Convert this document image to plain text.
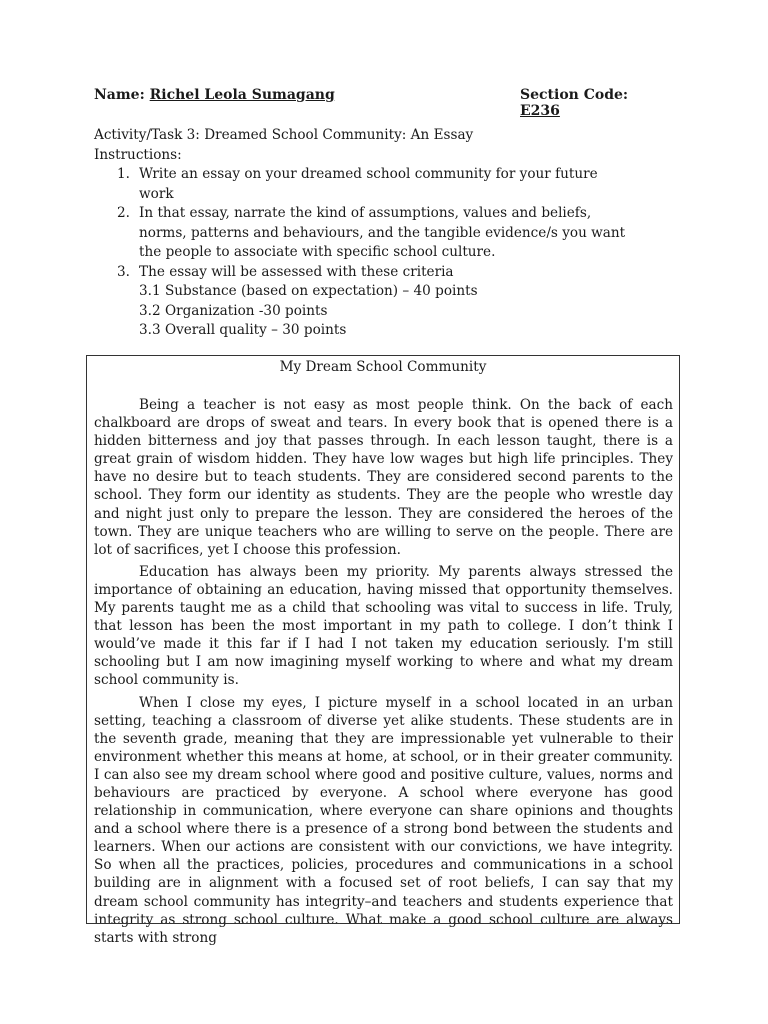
Name: Richel Leola Sumagang	Section Code: E236
Activity/Task 3: Dreamed School Community: An Essay
Instructions:
1. Write an essay on your dreamed school community for your future work
2. In that essay, narrate the kind of assumptions, values and beliefs, norms, patterns and behaviours, and the tangible evidence/s you want the people to associate with specific school culture.
3. The essay will be assessed with these criteria
3.1 Substance (based on expectation) – 40 points
3.2 Organization -30 points
3.3 Overall quality – 30 points
My Dream School Community

Being a teacher is not easy as most people think. On the back of each chalkboard are drops of sweat and tears. In every book that is opened there is a hidden bitterness and joy that passes through. In each lesson taught, there is a great grain of wisdom hidden. They have low wages but high life principles. They have no desire but to teach students. They are considered second parents to the school. They form our identity as students. They are the people who wrestle day and night just only to prepare the lesson. They are considered the heroes of the town. They are unique teachers who are willing to serve on the people. There are lot of sacrifices, yet I choose this profession.

Education has always been my priority. My parents always stressed the importance of obtaining an education, having missed that opportunity themselves. My parents taught me as a child that schooling was vital to success in life. Truly, that lesson has been the most important in my path to college. I don’t think I would’ve made it this far if I had I not taken my education seriously. I'm still schooling but I am now imagining myself working to where and what my dream school community is.

When I close my eyes, I picture myself in a school located in an urban setting, teaching a classroom of diverse yet alike students. These students are in the seventh grade, meaning that they are impressionable yet vulnerable to their environment whether this means at home, at school, or in their greater community. I can also see my dream school where good and positive culture, values, norms and behaviours are practiced by everyone. A school where everyone has good relationship in communication, where everyone can share opinions and thoughts and a school where there is a presence of a strong bond between the students and learners. When our actions are consistent with our convictions, we have integrity. So when all the practices, policies, procedures and communications in a school building are in alignment with a focused set of root beliefs, I can say that my dream school community has integrity–and teachers and students experience that integrity as strong school culture. What make a good school culture are always starts with strong
